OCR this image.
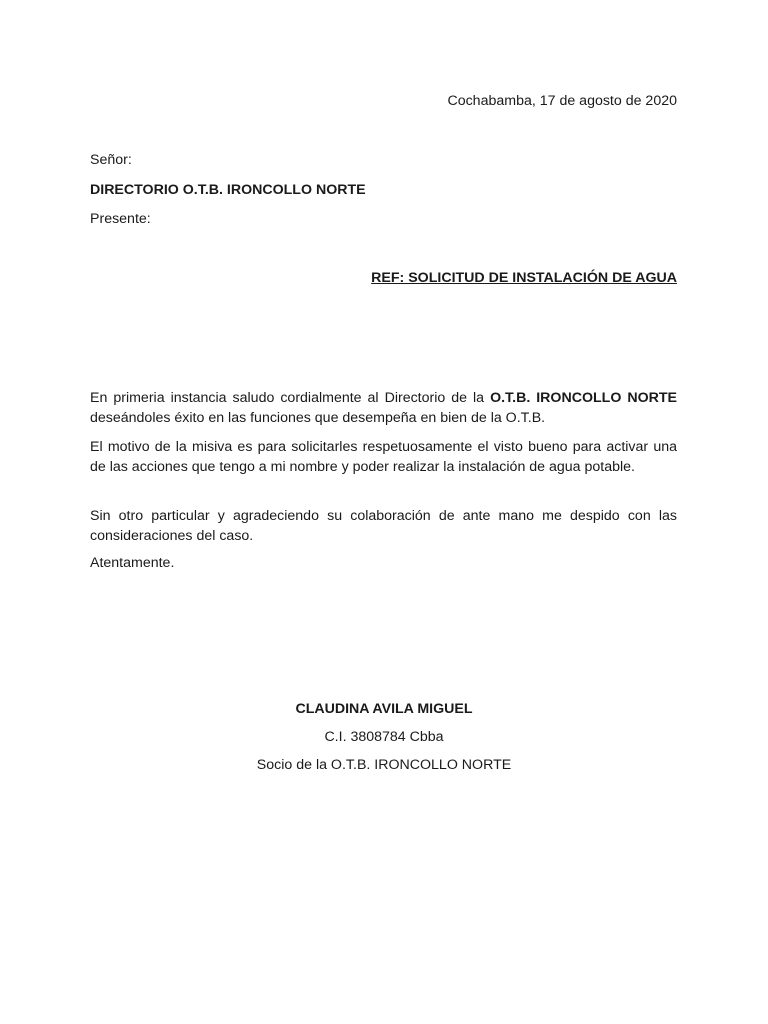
Cochabamba, 17 de agosto de 2020
Señor:
DIRECTORIO O.T.B. IRONCOLLO NORTE
Presente:
REF: SOLICITUD DE INSTALACIÓN DE AGUA
En primeria instancia saludo cordialmente al Directorio de la O.T.B. IRONCOLLO NORTE deseándoles éxito en las funciones que desempeña en bien de la O.T.B.
El motivo de la misiva es para solicitarles respetuosamente el visto bueno para activar una de las acciones que tengo a mi nombre y poder realizar la instalación de agua potable.
Sin otro particular y agradeciendo su colaboración de ante mano me despido con las consideraciones del caso.
Atentamente.
CLAUDINA AVILA MIGUEL
C.I. 3808784 Cbba
Socio de la O.T.B. IRONCOLLO NORTE
